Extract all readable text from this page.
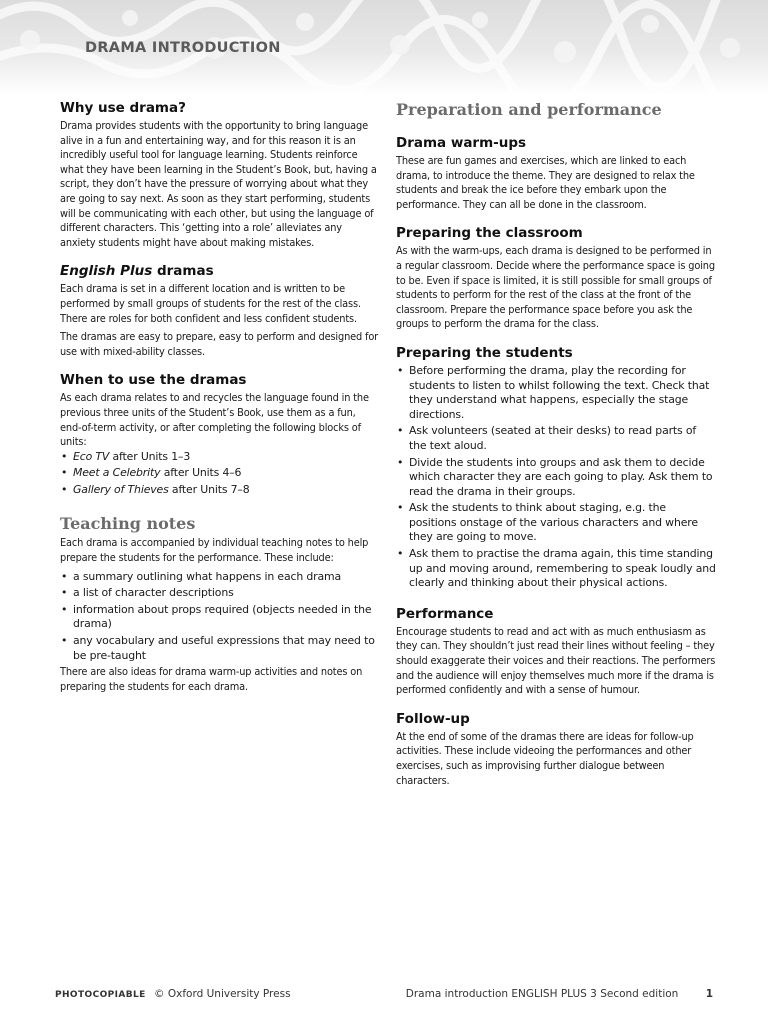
DRAMA INTRODUCTION
Why use drama?

Drama provides students with the opportunity to bring language alive in a fun and entertaining way, and for this reason it is an incredibly useful tool for language learning. Students reinforce what they have been learning in the Student’s Book, but, having a script, they don’t have the pressure of worrying about what they are going to say next. As soon as they start performing, students will be communicating with each other, but using the language of different characters. This ‘getting into a role’ alleviates any anxiety students might have about making mistakes.

English Plus dramas

Each drama is set in a different location and is written to be performed by small groups of students for the rest of the class. There are roles for both confident and less confident students.

The dramas are easy to prepare, easy to perform and designed for use with mixed-ability classes.

When to use the dramas

As each drama relates to and recycles the language found in the previous three units of the Student’s Book, use them as a fun, end-of-term activity, or after completing the following blocks of units:

• Eco TV after Units 1–3
• Meet a Celebrity after Units 4–6
• Gallery of Thieves after Units 7–8
Teaching notes

Each drama is accompanied by individual teaching notes to help prepare the students for the performance. These include:

• a summary outlining what happens in each drama
• a list of character descriptions
• information about props required (objects needed in the drama)
• any vocabulary and useful expressions that may need to be pre-taught

There are also ideas for drama warm-up activities and notes on preparing the students for each drama.

Preparation and performance
Drama warm-ups

These are fun games and exercises, which are linked to each drama, to introduce the theme. They are designed to relax the students and break the ice before they embark upon the performance. They can all be done in the classroom.

Preparing the classroom

As with the warm-ups, each drama is designed to be performed in a regular classroom. Decide where the performance space is going to be. Even if space is limited, it is still possible for small groups of students to perform for the rest of the class at the front of the classroom. Prepare the performance space before you ask the groups to perform the drama for the class.

Preparing the students
• Before performing the drama, play the recording for students to listen to whilst following the text. Check that they understand what happens, especially the stage directions.
• Ask volunteers (seated at their desks) to read parts of the text aloud.
• Divide the students into groups and ask them to decide which character they are each going to play. Ask them to read the drama in their groups.
• Ask the students to think about staging, e.g. the positions onstage of the various characters and where they are going to move.
• Ask them to practise the drama again, this time standing up and moving around, remembering to speak loudly and clearly and thinking about their physical actions.
Performance

Encourage students to read and act with as much enthusiasm as they can. They shouldn’t just read their lines without feeling – they should exaggerate their voices and their reactions. The performers and the audience will enjoy themselves much more if the drama is performed confidently and with a sense of humour.

Follow-up

At the end of some of the dramas there are ideas for follow-up activities. These include videoing the performances and other exercises, such as improvising further dialogue between characters.

PHOTOCOPIABLE © Oxford University Press	Drama introduction ENGLISH PLUS 3 Second edition	1
